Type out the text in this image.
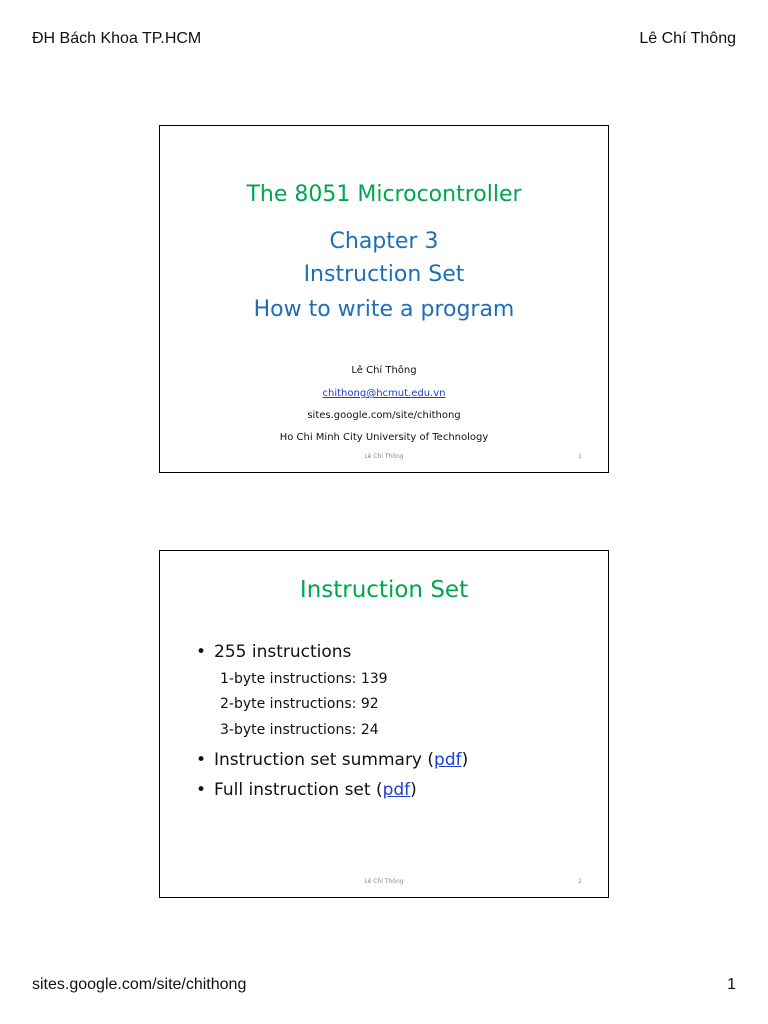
ĐH Bách Khoa TP.HCM	Lê Chí Thông
The 8051 Microcontroller
Chapter 3
Instruction Set
How to write a program
Lê Chí Thông
chithong@hcmut.edu.vn
sites.google.com/site/chithong
Ho Chi Minh City University of Technology
Lê Chí Thông	1
Instruction Set
• 255 instructions
1-byte instructions: 139
2-byte instructions: 92
3-byte instructions: 24
• Instruction set summary (pdf)
• Full instruction set (pdf)
Lê Chí Thông	2
sites.google.com/site/chithong	1
